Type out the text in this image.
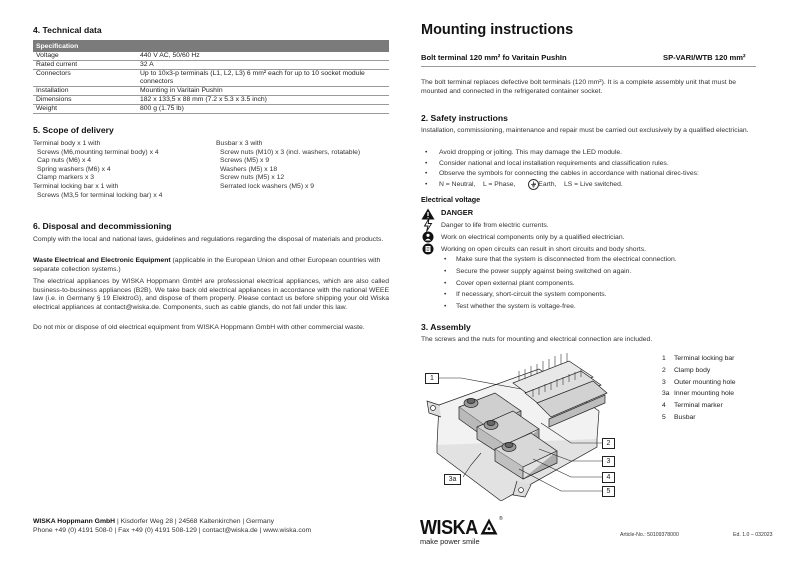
4. Technical data
Specification	
Voltage	440 V AC, 50/60 Hz
Rated current	32 A
Connectors	Up to 10x3-p terminals (L1, L2, L3) 6 mm² each for up to 10 socket module connectors
Installation	Mounting in Varitain PushIn
Dimensions	182 x 133,5 x 88 mm (7.2 x 5.3 x 3.5 inch)
Weight	800 g (1.75 lb)
5. Scope of delivery
Terminal body x 1 with
Screws (M6,mounting terminal body) x 4
Cap nuts (M6) x 4
Spring washers (M6) x 4
Clamp markers x 3
Terminal locking bar x 1 with
Screws (M3,5 for terminal locking bar) x 4
Busbar x 3 with
Screw nuts (M10) x 3 (incl. washers, rotatable)
Screws (M5) x 9
Washers (M5) x 18
Screw nuts (M5) x 12
Serrated lock washers (M5) x 9
6. Disposal and decommissioning
Comply with the local and national laws, guidelines and regulations regarding the disposal of materials and products.
Waste Electrical and Electronic Equipment (applicable in the European Union and other European countries with separate collection systems.)
The electrical appliances by WISKA Hoppmann GmbH are professional electrical appliances, which are also called business-to-business appliances (B2B). We take back old electrical appliances in accordance with the national WEEE law (i.e. in Germany § 19 ElektroG), and dispose of them properly. Please contact us before shipping your old Wiska electrical appliances at contact@wiska.de. Components, such as cable glands, do not fall under this law.
Do not mix or dispose of old electrical equipment from WISKA Hoppmann GmbH with other commercial waste.
WISKA Hoppmann GmbH | Kisdorfer Weg 28 | 24568 Kaltenkirchen | Germany
Phone +49 (0) 4191 508-0 | Fax +49 (0) 4191 508-129 | contact@wiska.de | www.wiska.com
Mounting instructions
Bolt terminal 120 mm² fo Varitain PushIn	SP-VARI/WTB 120 mm²
The bolt terminal replaces defective bolt terminals (120 mm²). It is a complete assembly unit that must be mounted and connected in the refrigerated container socket.
2. Safety instructions
Installation, commissioning, maintenance and repair must be carried out exclusively by a qualified electrician.
• Avoid dropping or jolting. This may damage the LED module.
• Consider national and local installation requirements and classification rules.
• Observe the symbols for connecting the cables in accordance with national direc-tives:
• N = Neutral,    L = Phase,         = Earth,    LS = Live switched.
Electrical voltage
DANGER
Danger to life from electric currents.
Work on electrical components only by a qualified electrician.
Working on open circuits can result in short circuits and body shorts.
• Make sure that the system is disconnected from the electrical connection.
• Secure the power supply against being switched on again.
• Cover open external plant components.
• If necessary, short-circuit the system components.
• Test whether the system is voltage-free.
3. Assembly
The screws and the nuts for mounting and electrical connection are included.
1
2
3
4
5
3a
1 Terminal locking bar
2 Clamp body
3 Outer mounting hole
3a Inner mounting hole
4 Terminal marker
5 Busbar
WISKA	®
make power smile
Article-No.: 50109378000	Ed. 1.0 – 032023
